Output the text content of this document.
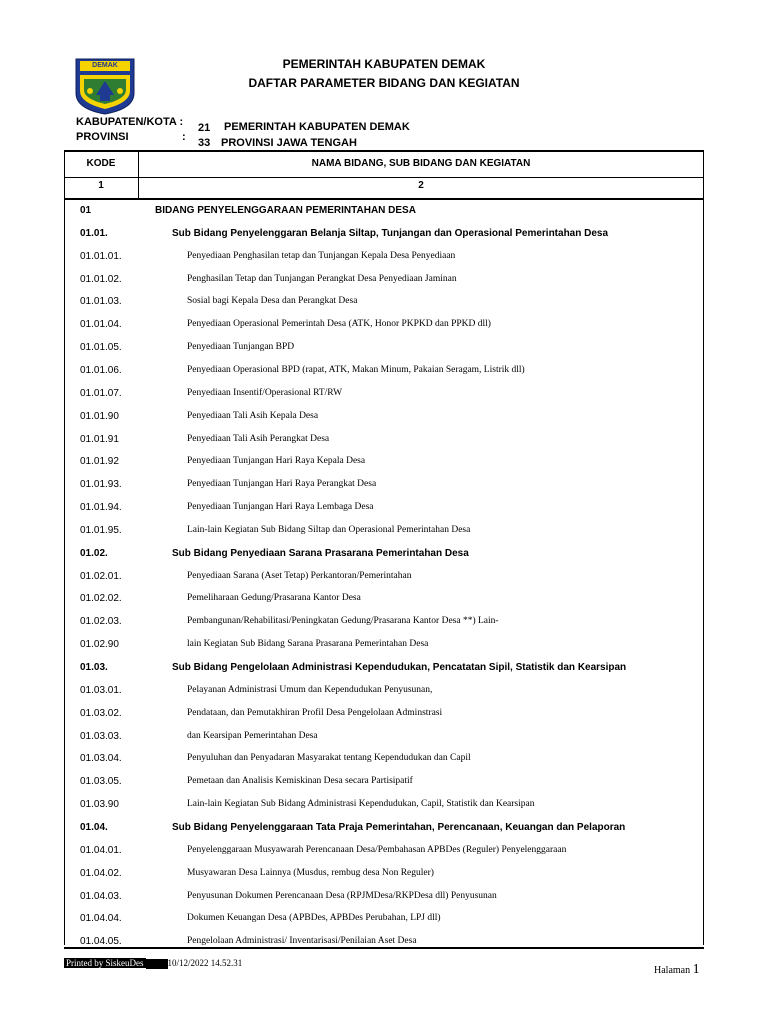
DEMAK	PEMERINTAH KABUPATEN DEMAK
DAFTAR PARAMETER BIDANG DAN KEGIATAN
KABUPATEN/KOTA : 21 PEMERINTAH KABUPATEN DEMAK
PROVINSI	: 33 PROVINSI JAWA TENGAH
KODE	NAMA BIDANG, SUB BIDANG DAN KEGIATAN
1	2
01	BIDANG PENYELENGGARAAN PEMERINTAHAN DESA
01.01.	Sub Bidang Penyelenggaran Belanja Siltap, Tunjangan dan Operasional Pemerintahan Desa
01.01.01.	Penyediaan Penghasilan tetap dan Tunjangan Kepala Desa Penyediaan
01.01.02.	Penghasilan Tetap dan Tunjangan Perangkat Desa Penyediaan Jaminan
01.01.03.	Sosial bagi Kepala Desa dan Perangkat Desa
01.01.04.	Penyediaan Operasional Pemerintah Desa (ATK, Honor PKPKD dan PPKD dll)
01.01.05.	Penyediaan Tunjangan BPD
01.01.06.	Penyediaan Operasional BPD (rapat, ATK, Makan Minum, Pakaian Seragam, Listrik dll)
01.01.07.	Penyediaan Insentif/Operasional RT/RW
01.01.90	Penyediaan Tali Asih Kepala Desa
01.01.91	Penyediaan Tali Asih Perangkat Desa
01.01.92	Penyediaan Tunjangan Hari Raya Kepala Desa
01.01.93.	Penyediaan Tunjangan Hari Raya Perangkat Desa
01.01.94.	Penyediaan Tunjangan Hari Raya Lembaga Desa
01.01.95.	Lain-lain Kegiatan Sub Bidang Siltap dan Operasional Pemerintahan Desa
01.02.	Sub Bidang Penyediaan Sarana Prasarana Pemerintahan Desa
01.02.01.	Penyediaan Sarana (Aset Tetap) Perkantoran/Pemerintahan
01.02.02.	Pemeliharaan Gedung/Prasarana Kantor Desa
01.02.03.	Pembangunan/Rehabilitasi/Peningkatan Gedung/Prasarana Kantor Desa **) Lain-
01.02.90	lain Kegiatan Sub Bidang Sarana Prasarana Pemerintahan Desa
01.03.	Sub Bidang Pengelolaan Administrasi Kependudukan, Pencatatan Sipil, Statistik dan Kearsipan
01.03.01.	Pelayanan Administrasi Umum dan Kependudukan Penyusunan,
01.03.02.	Pendataan, dan Pemutakhiran Profil Desa Pengelolaan Adminstrasi
01.03.03.	dan Kearsipan Pemerintahan Desa
01.03.04.	Penyuluhan dan Penyadaran Masyarakat tentang Kependudukan dan Capil
01.03.05.	Pemetaan dan Analisis Kemiskinan Desa secara Partisipatif
01.03.90	Lain-lain Kegiatan Sub Bidang Administrasi Kependudukan, Capil, Statistik dan Kearsipan
01.04.	Sub Bidang Penyelenggaraan Tata Praja Pemerintahan, Perencanaan, Keuangan dan Pelaporan
01.04.01.	Penyelenggaraan Musyawarah Perencanaan Desa/Pembahasan APBDes (Reguler) Penyelenggaraan
01.04.02.	Musyawaran Desa Lainnya (Musdus, rembug desa Non Reguler)
01.04.03.	Penyusunan Dokumen Perencanaan Desa (RPJMDesa/RKPDesa dll) Penyusunan
01.04.04.	Dokumen Keuangan Desa (APBDes, APBDes Perubahan, LPJ dll)
01.04.05.	Pengelolaan Administrasi/ Inventarisasi/Penilaian Aset Desa
Printed by SiskeuDes	10/12/2022 14.52.31
Halaman 1
